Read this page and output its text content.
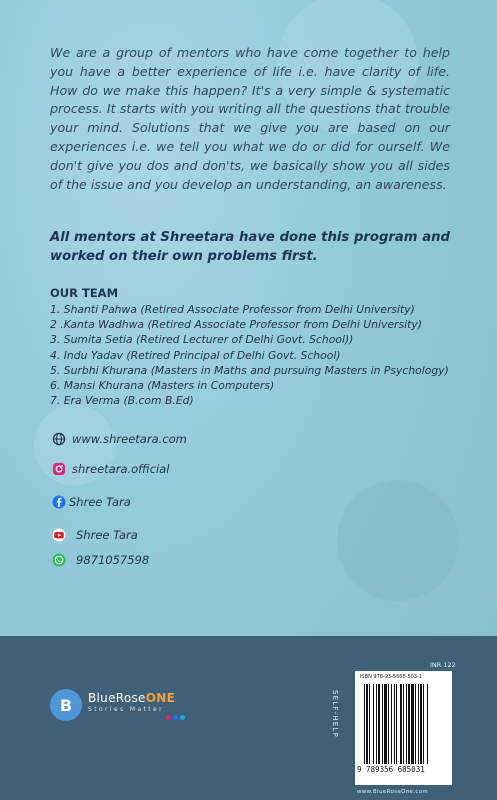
We are a group of mentors who have come together to help you have a better experience of life i.e. have clarity of life. How do we make this happen? It's a very simple & systematic process. It starts with you writing all the questions that trouble your mind. Solutions that we give you are based on our experiences i.e. we tell you what we do or did for ourself. We don't give you dos and don'ts, we basically show you all sides of the issue and you develop an understanding, an awareness.

All mentors at Shreetara have done this program and worked on their own problems first.

OUR TEAM
1. Shanti Pahwa (Retired Associate Professor from Delhi University)
2 .Kanta Wadhwa (Retired Associate Professor from Delhi University)
3. Sumita Setia (Retired Lecturer of Delhi Govt. School))
4. Indu Yadav (Retired Principal of Delhi Govt. School)
5. Surbhi Khurana (Masters in Maths and pursuing Masters in Psychology)
6. Mansi Khurana (Masters in Computers)
7. Era Verma (B.com B.Ed)
www.shreetara.com
shreetara.official
Shree Tara
Shree Tara
9871057598
B	BlueRoseONE
Stories Matter	SELF-HELP
INR 122
ISBN 978-93-5668-503-1
9 789356 685031
www.BlueRoseOne.com
